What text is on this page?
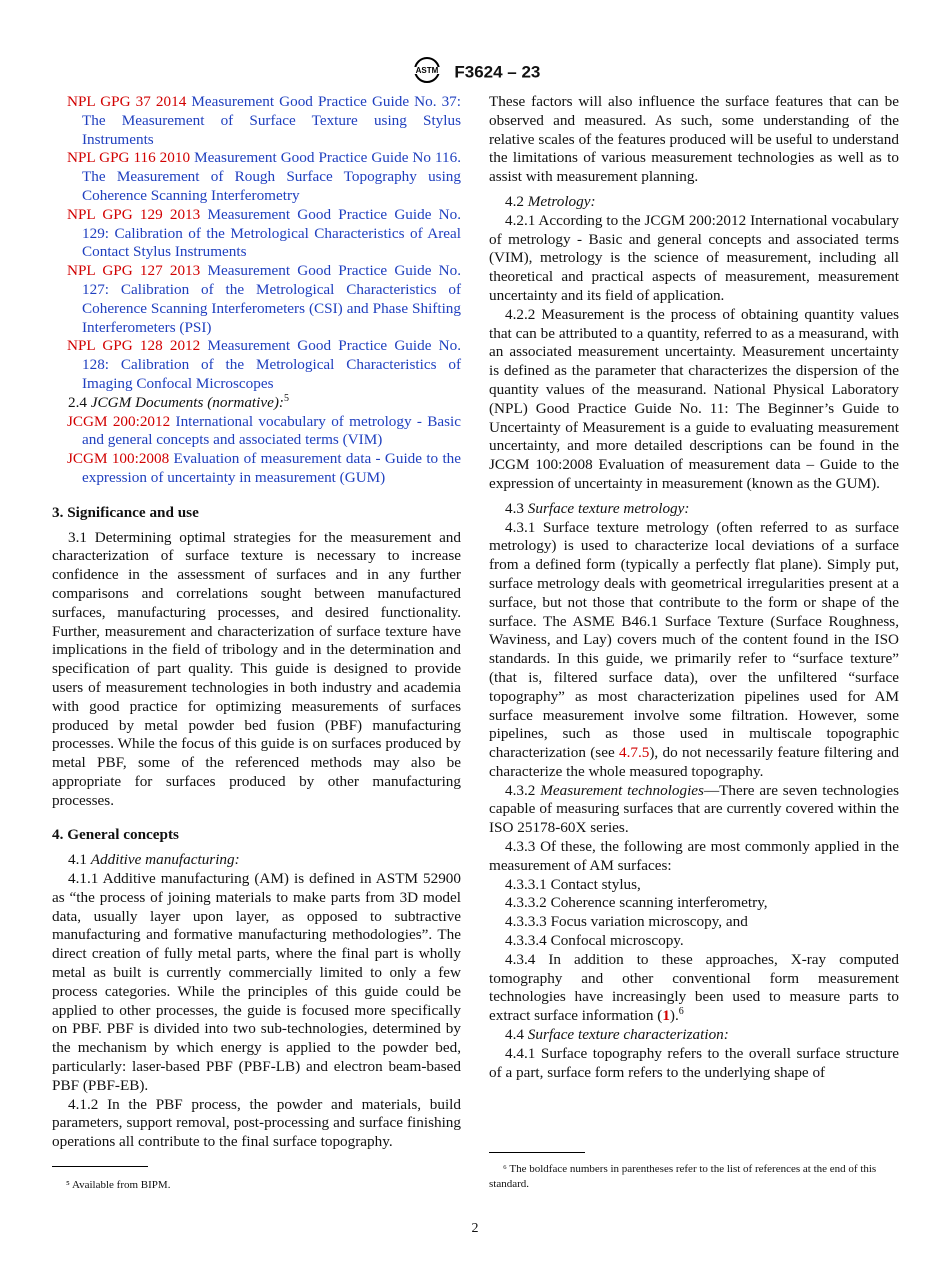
ASTM F3624 – 23

NPL GPG 37 2014 Measurement Good Practice Guide No. 37: The Measurement of Surface Texture using Stylus Instruments

NPL GPG 116 2010 Measurement Good Practice Guide No 116. The Measurement of Rough Surface Topography using Coherence Scanning Interferometry

NPL GPG 129 2013 Measurement Good Practice Guide No. 129: Calibration of the Metrological Characteristics of Areal Contact Stylus Instruments

NPL GPG 127 2013 Measurement Good Practice Guide No. 127: Calibration of the Metrological Characteristics of Coherence Scanning Interferometers (CSI) and Phase Shifting Interferometers (PSI)

NPL GPG 128 2012 Measurement Good Practice Guide No. 128: Calibration of the Metrological Characteristics of Imaging Confocal Microscopes

2.4 JCGM Documents (normative):$^5$

JCGM 200:2012 International vocabulary of metrology - Basic and general concepts and associated terms (VIM)

JCGM 100:2008 Evaluation of measurement data - Guide to the expression of uncertainty in measurement (GUM)

3. Significance and use

3.1 Determining optimal strategies for the measurement and characterization of surface texture is necessary to increase confidence in the assessment of surfaces and in any further comparisons and correlations sought between manufactured surfaces, manufacturing processes, and desired functionality. Further, measurement and characterization of surface texture have implications in the field of tribology and in the determination and specification of part quality. This guide is designed to provide users of measurement technologies in both industry and academia with good practice for optimizing measurements of surfaces produced by metal powder bed fusion (PBF) manufacturing processes. While the focus of this guide is on surfaces produced by metal PBF, some of the referenced methods may also be appropriate for surfaces produced by other manufacturing processes.

4. General concepts

4.1 Additive manufacturing:

4.1.1 Additive manufacturing (AM) is defined in ASTM 52900 as “the process of joining materials to make parts from 3D model data, usually layer upon layer, as opposed to subtractive manufacturing and formative manufacturing methodologies”. The direct creation of fully metal parts, where the final part is wholly metal as built is currently commercially limited to only a few process categories. While the principles of this guide could be applied to other processes, the guide is focused more specifically on PBF. PBF is divided into two sub-technologies, determined by the mechanism by which energy is applied to the powder bed, particularly: laser-based PBF (PBF-LB) and electron beam-based PBF (PBF-EB).

4.1.2 In the PBF process, the powder and materials, build parameters, support removal, post-processing and surface finishing operations all contribute to the final surface topography.

These factors will also influence the surface features that can be observed and measured. As such, some understanding of the relative scales of the features produced will be useful to understand the limitations of various measurement technologies as well as to assist with measurement planning.

4.2 Metrology:

4.2.1 According to the JCGM 200:2012 International vocabulary of metrology - Basic and general concepts and associated terms (VIM), metrology is the science of measurement, including all theoretical and practical aspects of measurement, measurement uncertainty and its field of application.

4.2.2 Measurement is the process of obtaining quantity values that can be attributed to a quantity, referred to as a measurand, with an associated measurement uncertainty. Measurement uncertainty is defined as the parameter that characterizes the dispersion of the quantity values of the measurand. National Physical Laboratory (NPL) Good Practice Guide No. 11: The Beginner’s Guide to Uncertainty of Measurement is a guide to evaluating measurement uncertainty, and more detailed descriptions can be found in the JCGM 100:2008 Evaluation of measurement data – Guide to the expression of uncertainty in measurement (known as the GUM).

4.3 Surface texture metrology:

4.3.1 Surface texture metrology (often referred to as surface metrology) is used to characterize local deviations of a surface from a defined form (typically a perfectly flat plane). Simply put, surface metrology deals with geometrical irregularities present at a surface, but not those that contribute to the form or shape of the surface. The ASME B46.1 Surface Texture (Surface Roughness, Waviness, and Lay) covers much of the content found in the ISO standards. In this guide, we primarily refer to “surface texture” (that is, filtered surface data), over the unfiltered “surface topography” as most characterization pipelines used for AM surface measurement involve some filtration. However, some pipelines, such as those used in multiscale topographic characterization (see 4.7.5), do not necessarily feature filtering and characterize the whole measured topography.

4.3.2 Measurement technologies—There are seven technologies capable of measuring surfaces that are currently covered within the ISO 25178-60X series.

4.3.3 Of these, the following are most commonly applied in the measurement of AM surfaces:

4.3.3.1 Contact stylus,

4.3.3.2 Coherence scanning interferometry,

4.3.3.3 Focus variation microscopy, and

4.3.3.4 Confocal microscopy.

4.3.4 In addition to these approaches, X-ray computed tomography and other conventional form measurement technologies have increasingly been used to measure parts to extract surface information (1).$^6$

4.4 Surface texture characterization:

4.4.1 Surface topography refers to the overall surface structure of a part, surface form refers to the underlying shape of

⁵ Available from BIPM.
⁶ The boldface numbers in parentheses refer to the list of references at the end of this standard.
2
